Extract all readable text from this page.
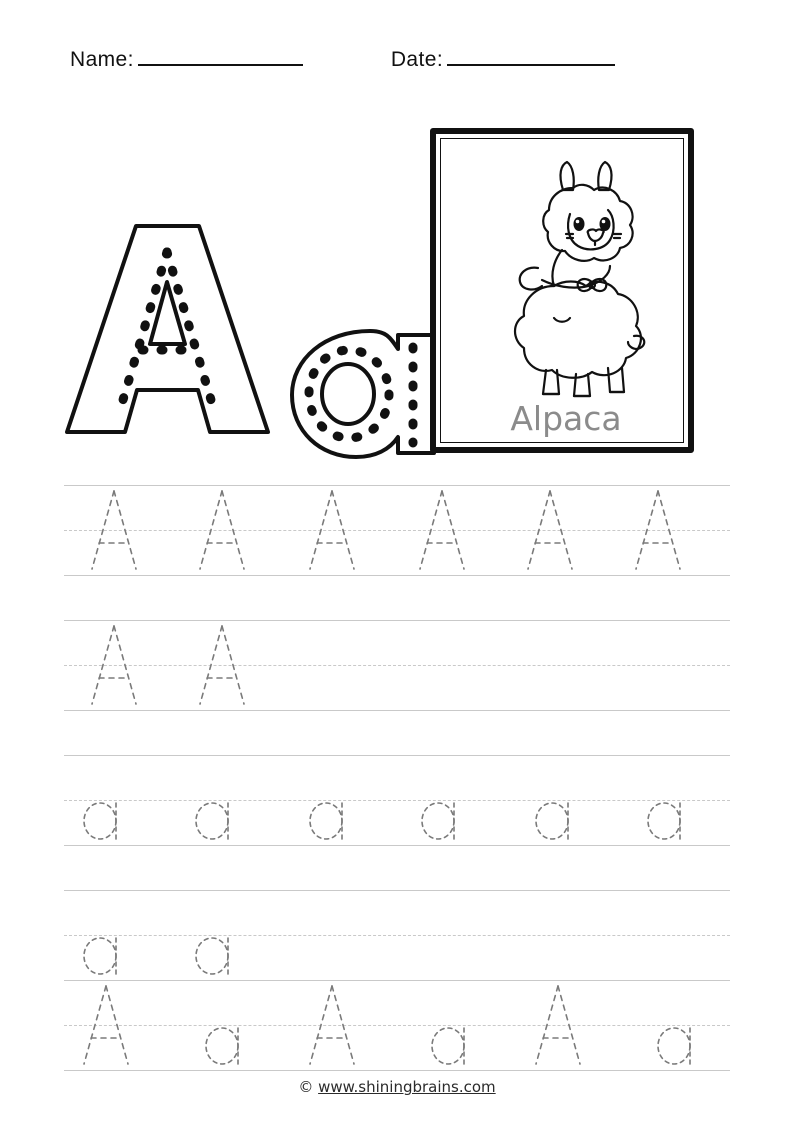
Name:	Date:
Alpaca
© www.shiningbrains.com
